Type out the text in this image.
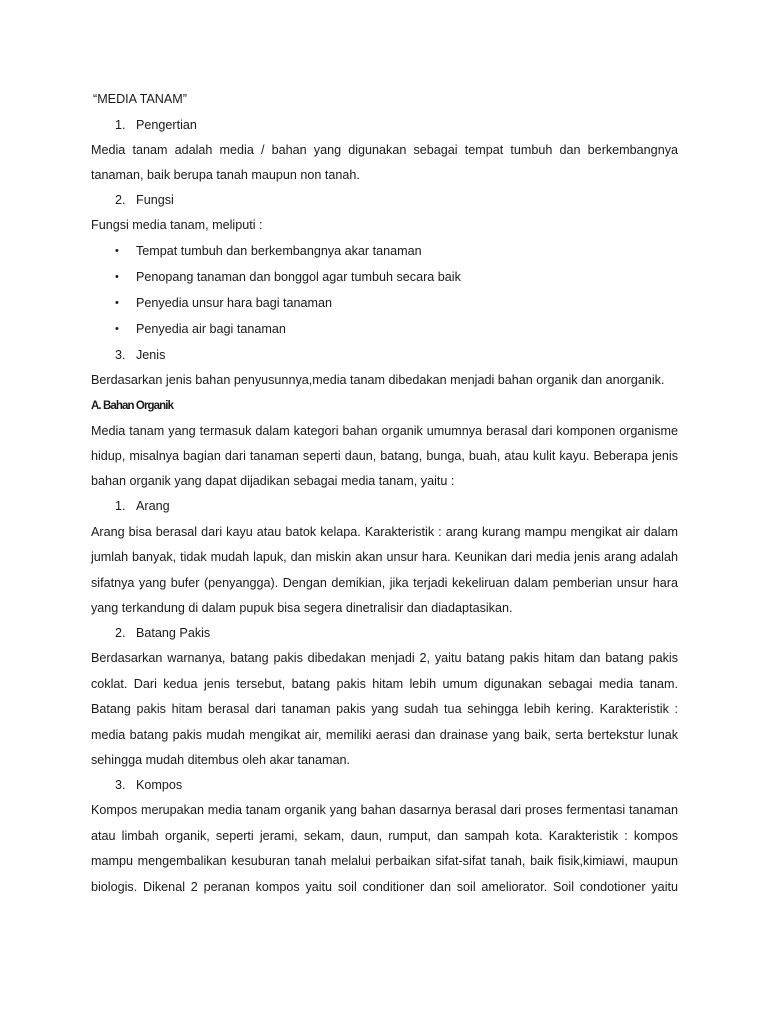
“MEDIA TANAM”
1. Pengertian
Media tanam adalah media / bahan yang digunakan sebagai tempat tumbuh dan berkembangnya
tanaman, baik berupa tanah maupun non tanah.
2. Fungsi
Fungsi media tanam, meliputi :
•	Tempat tumbuh dan berkembangnya akar tanaman
•	Penopang tanaman dan bonggol agar tumbuh secara baik
•	Penyedia unsur hara bagi tanaman
•	Penyedia air bagi tanaman
3. Jenis
Berdasarkan jenis bahan penyusunnya,media tanam dibedakan menjadi bahan organik dan anorganik.
A. Bahan Organik
Media tanam yang termasuk dalam kategori bahan organik umumnya berasal dari komponen organisme
hidup, misalnya bagian dari tanaman seperti daun, batang, bunga, buah, atau kulit kayu. Beberapa jenis
bahan organik yang dapat dijadikan sebagai media tanam, yaitu :
1. Arang
Arang bisa berasal dari kayu atau batok kelapa. Karakteristik : arang kurang mampu mengikat air dalam
jumlah banyak, tidak mudah lapuk, dan miskin akan unsur hara. Keunikan dari media jenis arang adalah
sifatnya yang bufer (penyangga). Dengan demikian, jika terjadi kekeliruan dalam pemberian unsur hara
yang terkandung di dalam pupuk bisa segera dinetralisir dan diadaptasikan.
2. Batang Pakis
Berdasarkan warnanya, batang pakis dibedakan menjadi 2, yaitu batang pakis hitam dan batang pakis
coklat. Dari kedua jenis tersebut, batang pakis hitam lebih umum digunakan sebagai media tanam.
Batang pakis hitam berasal dari tanaman pakis yang sudah tua sehingga lebih kering. Karakteristik :
media batang pakis mudah mengikat air, memiliki aerasi dan drainase yang baik, serta bertekstur lunak
sehingga mudah ditembus oleh akar tanaman.
3. Kompos
Kompos merupakan media tanam organik yang bahan dasarnya berasal dari proses fermentasi tanaman
atau limbah organik, seperti jerami, sekam, daun, rumput, dan sampah kota. Karakteristik : kompos
mampu mengembalikan kesuburan tanah melalui perbaikan sifat-sifat tanah, baik fisik,kimiawi, maupun
biologis. Dikenal 2 peranan kompos yaitu soil conditioner dan soil ameliorator. Soil condotioner yaitu
